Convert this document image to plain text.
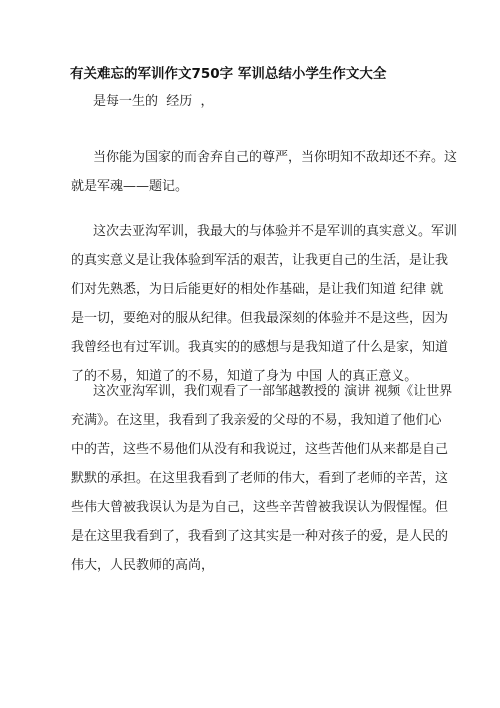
有关难忘的军训作文750字 军训总结小学生作文大全
是每一生的  经历  ，
当你能为国家的而舍弃自己的尊严，当你明知不敌却还不弃。这
就是军魂——题记。
这次去亚沟军训，我最大的与体验并不是军训的真实意义。军训
的真实意义是让我体验到军活的艰苦，让我更自己的生活，是让我
们对先熟悉，为日后能更好的相处作基础，是让我们知道 纪律 就
是一切，要绝对的服从纪律。但我最深刻的体验并不是这些，因为
我曾经也有过军训。我真实的的感想与是我知道了什么是家，知道
了的不易，知道了的不易，知道了身为 中国 人的真正意义。
这次亚沟军训，我们观看了一部邹越教授的 演讲 视频《让世界
充满》。在这里，我看到了我亲爱的父母的不易，我知道了他们心
中的苦，这些不易他们从没有和我说过，这些苦他们从来都是自己
默默的承担。在这里我看到了老师的伟大，看到了老师的辛苦，这
些伟大曾被我误认为是为自己，这些辛苦曾被我误认为假惺惺。但
是在这里我看到了，我看到了这其实是一种对孩子的爱，是人民的
伟大，人民教师的高尚，
